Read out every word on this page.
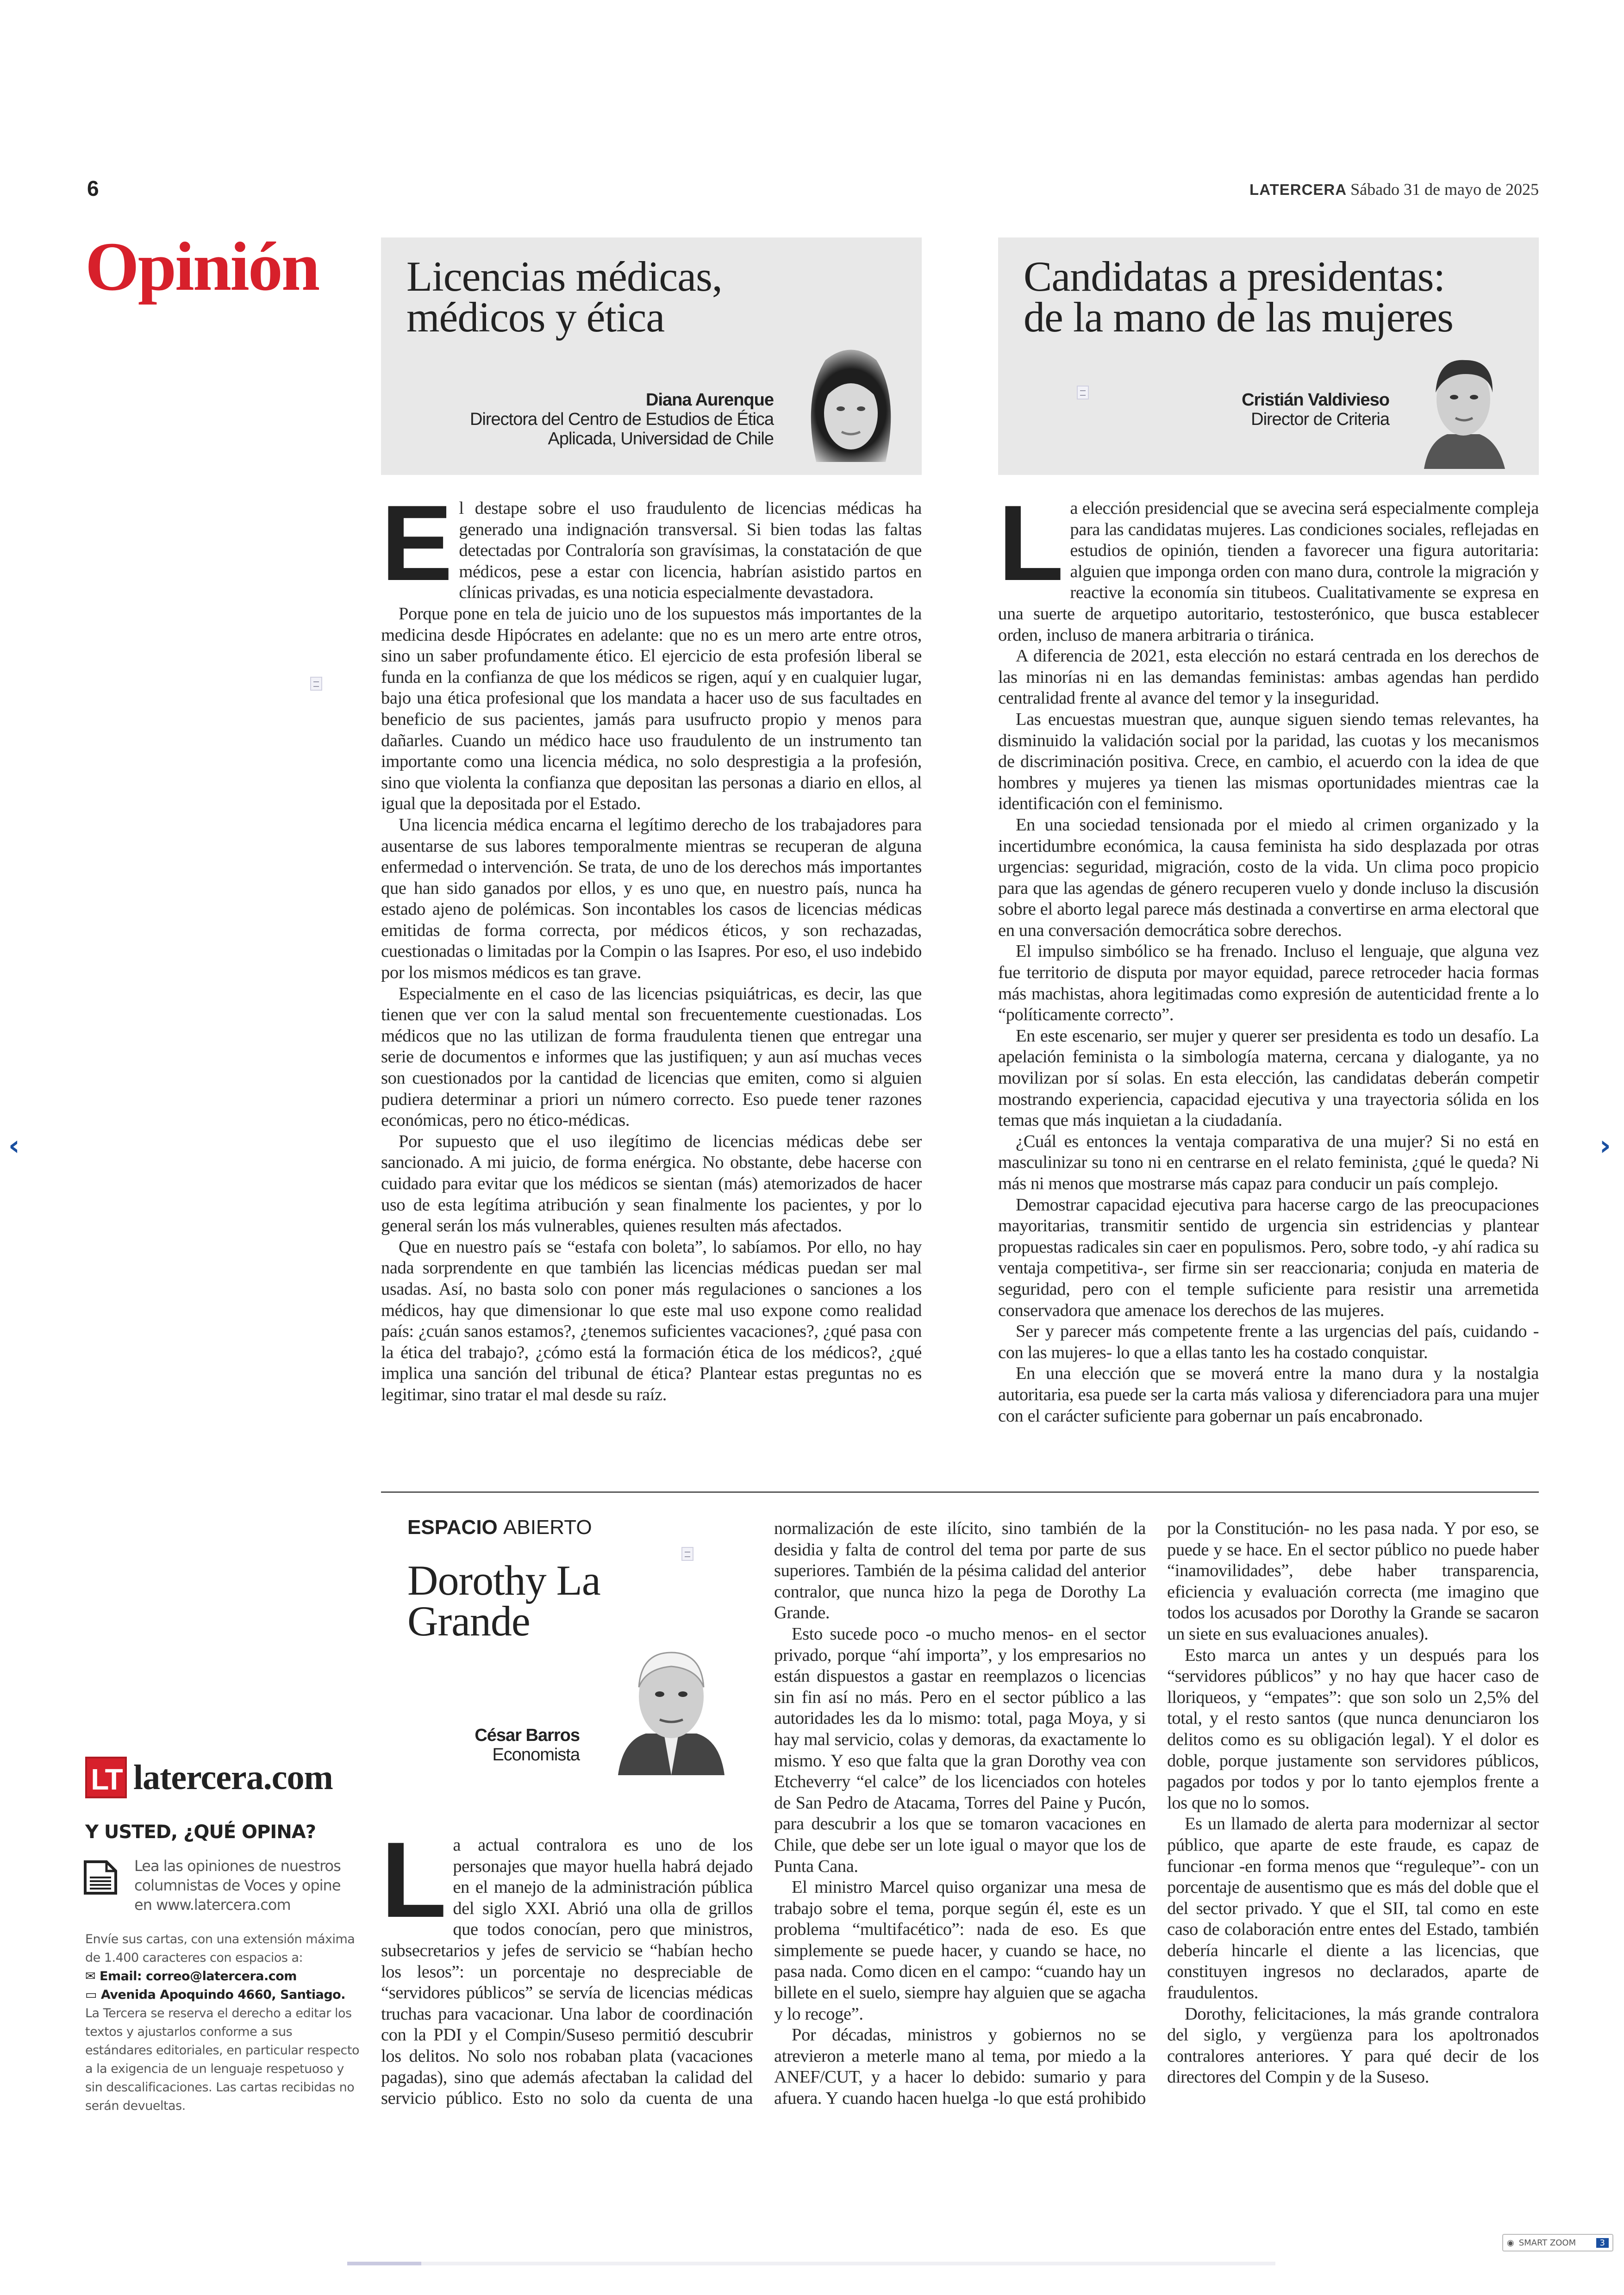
6	LATERCERA Sábado 31 de mayo de 2025
Opinión Licencias médicas,
médicos y ética
Diana Aurenque
Directora del Centro de Estudios de Ética
Aplicada, Universidad de Chile
Candidatas a presidentas:
de la mano de las mujeres
Cristián Valdivieso
Director de Criteria

El destape sobre el uso fraudulento de licencias médicas ha generado una indignación transversal. Si bien todas las faltas detectadas por Contraloría son gravísimas, la constatación de que médicos, pese a estar con licencia, habrían asistido partos en clínicas privadas, es una noticia especialmente devastadora.

Porque pone en tela de juicio uno de los supuestos más importantes de la medicina desde Hipócrates en adelante: que no es un mero arte entre otros, sino un saber profundamente ético. El ejercicio de esta profesión liberal se funda en la confianza de que los médicos se rigen, aquí y en cualquier lugar, bajo una ética profesional que los mandata a hacer uso de sus facultades en beneficio de sus pacientes, jamás para usufructo propio y menos para dañarles. Cuando un médico hace uso fraudulento de un instrumento tan importante como una licencia médica, no solo desprestigia a la profesión, sino que violenta la confianza que depositan las personas a diario en ellos, al igual que la depositada por el Estado.

Una licencia médica encarna el legítimo derecho de los trabajadores para ausentarse de sus labores temporalmente mientras se recuperan de alguna enfermedad o intervención. Se trata, de uno de los derechos más importantes que han sido ganados por ellos, y es uno que, en nuestro país, nunca ha estado ajeno de polémicas. Son incontables los casos de licencias médicas emitidas de forma correcta, por médicos éticos, y son rechazadas, cuestionadas o limitadas por la Compin o las Isapres. Por eso, el uso indebido por los mismos médicos es tan grave.

Especialmente en el caso de las licencias psiquiátricas, es decir, las que tienen que ver con la salud mental son frecuentemente cuestionadas. Los médicos que no las utilizan de forma fraudulenta tienen que entregar una serie de documentos e informes que las justifiquen; y aun así muchas veces son cuestionados por la cantidad de licencias que emiten, como si alguien pudiera determinar a priori un número correcto. Eso puede tener razones económicas, pero no ético-médicas.

Por supuesto que el uso ilegítimo de licencias médicas debe ser sancionado. A mi juicio, de forma enérgica. No obstante, debe hacerse con cuidado para evitar que los médicos se sientan (más) atemorizados de hacer uso de esta legítima atribución y sean finalmente los pacientes, y por lo general serán los más vulnerables, quienes resulten más afectados.

Que en nuestro país se “estafa con boleta”, lo sabíamos. Por ello, no hay nada sorprendente en que también las licencias médicas puedan ser mal usadas. Así, no basta solo con poner más regulaciones o sanciones a los médicos, hay que dimensionar lo que este mal uso expone como realidad país: ¿cuán sanos estamos?, ¿tenemos suficientes vacaciones?, ¿qué pasa con la ética del trabajo?, ¿cómo está la formación ética de los médicos?, ¿qué implica una sanción del tribunal de ética? Plantear estas preguntas no es legitimar, sino tratar el mal desde su raíz.

La elección presidencial que se avecina será especialmente compleja para las candidatas mujeres. Las condiciones sociales, reflejadas en estudios de opinión, tienden a favorecer una figura autoritaria: alguien que imponga orden con mano dura, controle la migración y reactive la economía sin titubeos. Cualitativamente se expresa en una suerte de arquetipo autoritario, testosterónico, que busca establecer orden, incluso de manera arbitraria o tiránica.

A diferencia de 2021, esta elección no estará centrada en los derechos de las minorías ni en las demandas feministas: ambas agendas han perdido centralidad frente al avance del temor y la inseguridad.

Las encuestas muestran que, aunque siguen siendo temas relevantes, ha disminuido la validación social por la paridad, las cuotas y los mecanismos de discriminación positiva. Crece, en cambio, el acuerdo con la idea de que hombres y mujeres ya tienen las mismas oportunidades mientras cae la identificación con el feminismo.

En una sociedad tensionada por el miedo al crimen organizado y la incertidumbre económica, la causa feminista ha sido desplazada por otras urgencias: seguridad, migración, costo de la vida. Un clima poco propicio para que las agendas de género recuperen vuelo y donde incluso la discusión sobre el aborto legal parece más destinada a convertirse en arma electoral que en una conversación democrática sobre derechos.

El impulso simbólico se ha frenado. Incluso el lenguaje, que alguna vez fue territorio de disputa por mayor equidad, parece retroceder hacia formas más machistas, ahora legitimadas como expresión de autenticidad frente a lo “políticamente correcto”.

En este escenario, ser mujer y querer ser presidenta es todo un desafío. La apelación feminista o la simbología materna, cercana y dialogante, ya no movilizan por sí solas. En esta elección, las candidatas deberán competir mostrando experiencia, capacidad ejecutiva y una trayectoria sólida en los temas que más inquietan a la ciudadanía.

¿Cuál es entonces la ventaja comparativa de una mujer? Si no está en masculinizar su tono ni en centrarse en el relato feminista, ¿qué le queda? Ni más ni menos que mostrarse más capaz para conducir un país complejo.

Demostrar capacidad ejecutiva para hacerse cargo de las preocupaciones mayoritarias, transmitir sentido de urgencia sin estridencias y plantear propuestas radicales sin caer en populismos. Pero, sobre todo, -y ahí radica su ventaja competitiva-, ser firme sin ser reaccionaria; conjuda en materia de seguridad, pero con el temple suficiente para resistir una arremetida conservadora que amenace los derechos de las mujeres.

Ser y parecer más competente frente a las urgencias del país, cuidando -con las mujeres- lo que a ellas tanto les ha costado conquistar.

En una elección que se moverá entre la mano dura y la nostalgia autoritaria, esa puede ser la carta más valiosa y diferenciadora para una mujer con el carácter suficiente para gobernar un país encabronado.

ESPACIO ABIERTO
Dorothy La
Grande
César Barros
Economista

La actual contralora es uno de los personajes que mayor huella habrá dejado en el manejo de la administración pública del siglo XXI. Abrió una olla de grillos que todos conocían, pero que ministros, subsecretarios y jefes de servicio se “habían hecho los lesos”: un porcentaje no despreciable de “servidores públicos” se servía de licencias médicas truchas para vacacionar. Una labor de coordinación con la PDI y el Compin/Suseso permitió descubrir los delitos. No solo nos robaban plata (vacaciones pagadas), sino que además afectaban la calidad del servicio público. Esto no solo da cuenta de una normalización de este ilícito, sino también de la desidia y falta de control del tema por parte de sus superiores. También de la pésima calidad del anterior contralor, que nunca hizo la pega de Dorothy La Grande.

Esto sucede poco -o mucho menos- en el sector privado, porque “ahí importa”, y los empresarios no están dispuestos a gastar en reemplazos o licencias sin fin así no más. Pero en el sector público a las autoridades les da lo mismo: total, paga Moya, y si hay mal servicio, colas y demoras, da exactamente lo mismo. Y eso que falta que la gran Dorothy vea con Etcheverry “el calce” de los licenciados con hoteles de San Pedro de Atacama, Torres del Paine y Pucón, para descubrir a los que se tomaron vacaciones en Chile, que debe ser un lote igual o mayor que los de Punta Cana.

El ministro Marcel quiso organizar una mesa de trabajo sobre el tema, porque según él, este es un problema “multifacético”: nada de eso. Es que simplemente se puede hacer, y cuando se hace, no pasa nada. Como dicen en el campo: “cuando hay un billete en el suelo, siempre hay alguien que se agacha y lo recoge”.

Por décadas, ministros y gobiernos no se atrevieron a meterle mano al tema, por miedo a la ANEF/CUT, y a hacer lo debido: sumario y para afuera. Y cuando hacen huelga -lo que está prohibido por la Constitución- no les pasa nada. Y por eso, se puede y se hace. En el sector público no puede haber “inamovilidades”, debe haber transparencia, eficiencia y evaluación correcta (me imagino que todos los acusados por Dorothy la Grande se sacaron un siete en sus evaluaciones anuales).

Esto marca un antes y un después para los “servidores públicos” y no hay que hacer caso de lloriqueos, y “empates”: que son solo un 2,5% del total, y el resto santos (que nunca denunciaron los delitos como es su obligación legal). Y el dolor es doble, porque justamente son servidores públicos, pagados por todos y por lo tanto ejemplos frente a los que no lo somos.

Es un llamado de alerta para modernizar al sector público, que aparte de este fraude, es capaz de funcionar -en forma menos que “reguleque”- con un porcentaje de ausentismo que es más del doble que el del sector privado. Y que el SII, tal como en este caso de colaboración entre entes del Estado, también debería hincarle el diente a las licencias, que constituyen ingresos no declarados, aparte de fraudulentos.

Dorothy, felicitaciones, la más grande contralora del siglo, y vergüenza para los apoltronados contralores anteriores. Y para qué decir de los directores del Compin y de la Suseso.

LT latercera.com
Y USTED, ¿QUÉ OPINA?
Lea las opiniones de nuestros columnistas de Voces y opine en www.latercera.com
Envíe sus cartas, con una extensión máxima de 1.400 caracteres con espacios a:
✉ Email: correo@latercera.com
▭ Avenida Apoquindo 4660, Santiago.
La Tercera se reserva el derecho a editar los textos y ajustarlos conforme a sus estándares editoriales, en particular respecto a la exigencia de un lenguaje respetuoso y sin descalificaciones. Las cartas recibidas no serán devueltas.
‹	›
◉ SMART ZOOM	3
